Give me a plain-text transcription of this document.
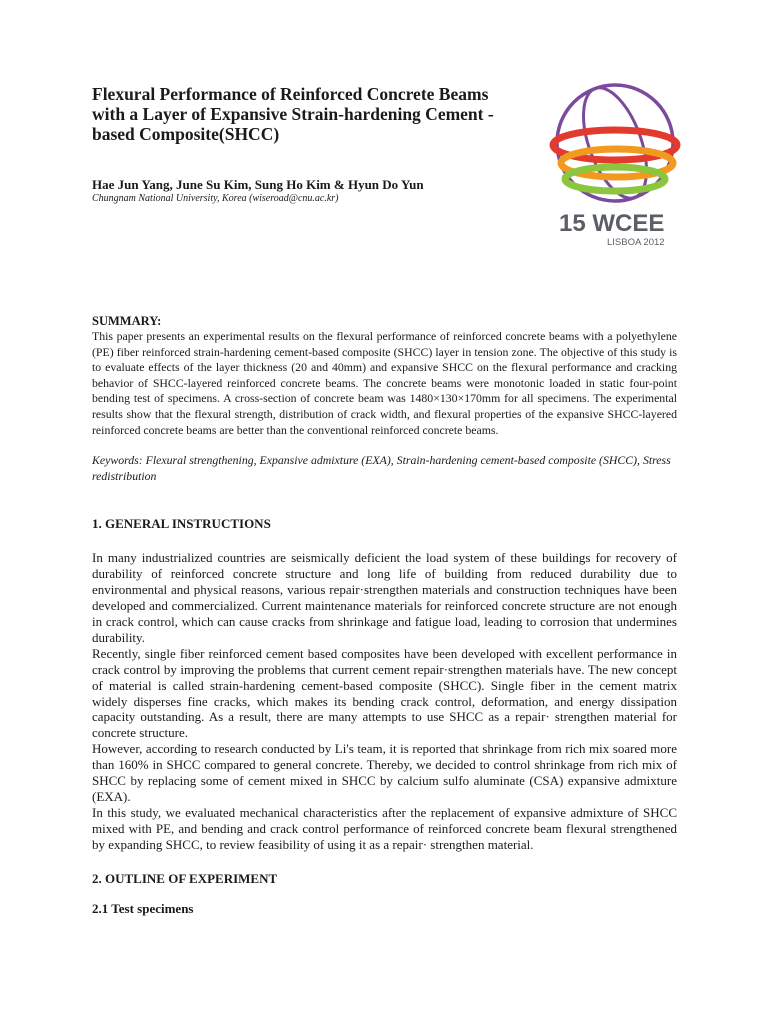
Flexural Performance of Reinforced Concrete Beams with a Layer of Expansive Strain-hardening Cement -based Composite(SHCC)

Hae Jun Yang, June Su Kim, Sung Ho Kim & Hyun Do Yun

Chungnam National University, Korea (wiseroad@cnu.ac.kr)

15 WCEE
LISBOA 2012

SUMMARY:

This paper presents an experimental results on the flexural performance of reinforced concrete beams with a polyethylene (PE) fiber reinforced strain-hardening cement-based composite (SHCC) layer in tension zone. The objective of this study is to evaluate effects of the layer thickness (20 and 40mm) and expansive SHCC on the flexural performance and cracking behavior of SHCC-layered reinforced concrete beams. The concrete beams were monotonic loaded in static four-point bending test of specimens. A cross-section of concrete beam was 1480×130×170mm for all specimens. The experimental results show that the flexural strength, distribution of crack width, and flexural properties of the expansive SHCC-layered reinforced concrete beams are better than the conventional reinforced concrete beams.

Keywords: Flexural strengthening, Expansive admixture (EXA), Strain-hardening cement-based composite (SHCC), Stress redistribution

1. GENERAL INSTRUCTIONS

In many industrialized countries are seismically deficient the load system of these buildings for recovery of durability of reinforced concrete structure and long life of building from reduced durability due to environmental and physical reasons, various repair·strengthen materials and construction techniques have been developed and commercialized. Current maintenance materials for reinforced concrete structure are not enough in crack control, which can cause cracks from shrinkage and fatigue load, leading to corrosion that undermines durability.

Recently, single fiber reinforced cement based composites have been developed with excellent performance in crack control by improving the problems that current cement repair·strengthen materials have. The new concept of material is called strain-hardening cement-based composite (SHCC). Single fiber in the cement matrix widely disperses fine cracks, which makes its bending crack control, deformation, and energy dissipation capacity outstanding. As a result, there are many attempts to use SHCC as a repair· strengthen material for concrete structure.

However, according to research conducted by Li's team, it is reported that shrinkage from rich mix soared more than 160% in SHCC compared to general concrete. Thereby, we decided to control shrinkage from rich mix of SHCC by replacing some of cement mixed in SHCC by calcium sulfo aluminate (CSA) expansive admixture (EXA).

In this study, we evaluated mechanical characteristics after the replacement of expansive admixture of SHCC mixed with PE, and bending and crack control performance of reinforced concrete beam flexural strengthened by expanding SHCC, to review feasibility of using it as a repair· strengthen material.

2. OUTLINE OF EXPERIMENT
2.1 Test specimens
